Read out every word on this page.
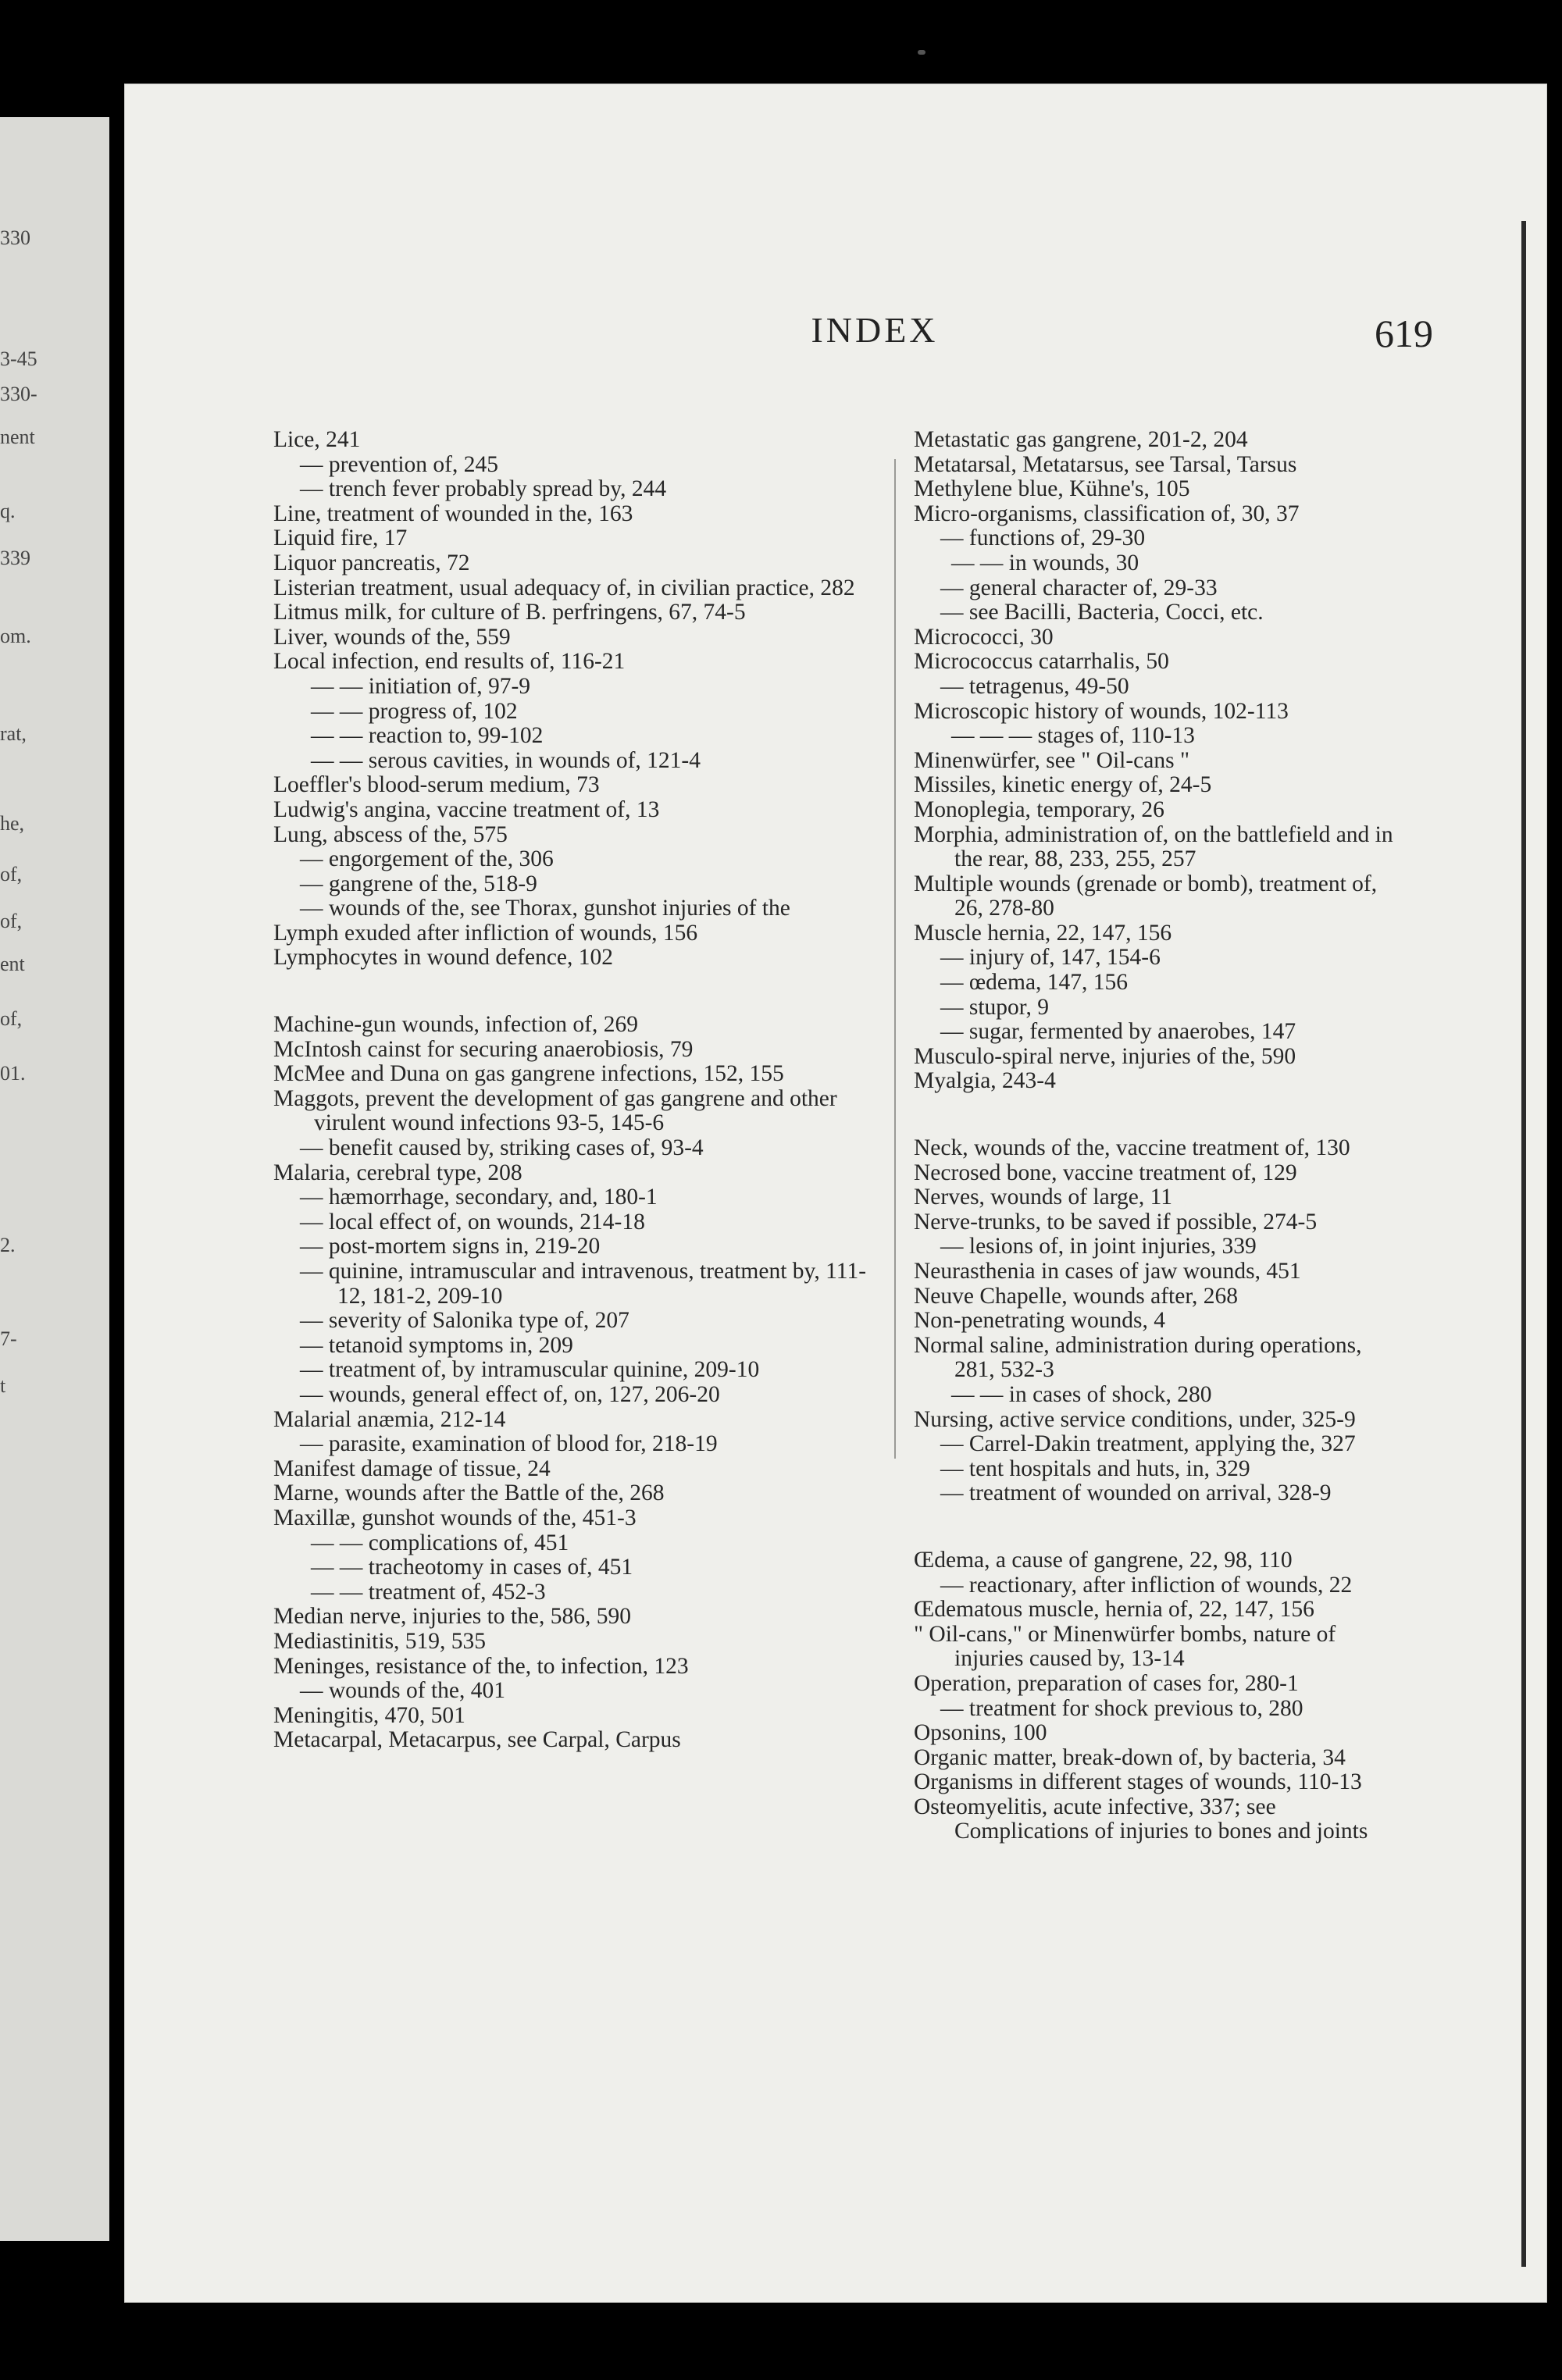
330
3-45
330-
nent
q.
339
om.
rat,
he,
of,
of,
ent
of,
01.
2.
7-
t
INDEX	619
Lice, 241
— prevention of, 245
— trench fever probably spread by, 244
Line, treatment of wounded in the, 163
Liquid fire, 17
Liquor pancreatis, 72
Listerian treatment, usual adequacy of, in civilian practice, 282
Litmus milk, for culture of B. perfringens, 67, 74-5
Liver, wounds of the, 559
Local infection, end results of, 116-21
— — initiation of, 97-9
— — progress of, 102
— — reaction to, 99-102
— — serous cavities, in wounds of, 121-4
Loeffler's blood-serum medium, 73
Ludwig's angina, vaccine treatment of, 13
Lung, abscess of the, 575
— engorgement of the, 306
— gangrene of the, 518-9
— wounds of the, see Thorax, gunshot injuries of the
Lymph exuded after infliction of wounds, 156
Lymphocytes in wound defence, 102
Machine-gun wounds, infection of, 269
McIntosh cainst for securing anaerobiosis, 79
McMee and Duna on gas gangrene infections, 152, 155
Maggots, prevent the development of gas gangrene and other virulent wound infections 93-5, 145-6
— benefit caused by, striking cases of, 93-4
Malaria, cerebral type, 208
— hæmorrhage, secondary, and, 180-1
— local effect of, on wounds, 214-18
— post-mortem signs in, 219-20
— quinine, intramuscular and intravenous, treatment by, 111-12, 181-2, 209-10
— severity of Salonika type of, 207
— tetanoid symptoms in, 209
— treatment of, by intramuscular quinine, 209-10
— wounds, general effect of, on, 127, 206-20
Malarial anæmia, 212-14
— parasite, examination of blood for, 218-19
Manifest damage of tissue, 24
Marne, wounds after the Battle of the, 268
Maxillæ, gunshot wounds of the, 451-3
— — complications of, 451
— — tracheotomy in cases of, 451
— — treatment of, 452-3
Median nerve, injuries to the, 586, 590
Mediastinitis, 519, 535
Meninges, resistance of the, to infection, 123
— wounds of the, 401
Meningitis, 470, 501
Metacarpal, Metacarpus, see Carpal, Carpus
Metastatic gas gangrene, 201-2, 204
Metatarsal, Metatarsus, see Tarsal, Tarsus
Methylene blue, Kühne's, 105
Micro-organisms, classification of, 30, 37
— functions of, 29-30
— — in wounds, 30
— general character of, 29-33
— see Bacilli, Bacteria, Cocci, etc.
Micrococci, 30
Micrococcus catarrhalis, 50
— tetragenus, 49-50
Microscopic history of wounds, 102-113
— — — stages of, 110-13
Minenwürfer, see " Oil-cans "
Missiles, kinetic energy of, 24-5
Monoplegia, temporary, 26
Morphia, administration of, on the battlefield and in the rear, 88, 233, 255, 257
Multiple wounds (grenade or bomb), treatment of, 26, 278-80
Muscle hernia, 22, 147, 156
— injury of, 147, 154-6
— œdema, 147, 156
— stupor, 9
— sugar, fermented by anaerobes, 147
Musculo-spiral nerve, injuries of the, 590
Myalgia, 243-4
Neck, wounds of the, vaccine treatment of, 130
Necrosed bone, vaccine treatment of, 129
Nerves, wounds of large, 11
Nerve-trunks, to be saved if possible, 274-5
— lesions of, in joint injuries, 339
Neurasthenia in cases of jaw wounds, 451
Neuve Chapelle, wounds after, 268
Non-penetrating wounds, 4
Normal saline, administration during operations, 281, 532-3
— — in cases of shock, 280
Nursing, active service conditions, under, 325-9
— Carrel-Dakin treatment, applying the, 327
— tent hospitals and huts, in, 329
— treatment of wounded on arrival, 328-9
Œdema, a cause of gangrene, 22, 98, 110
— reactionary, after infliction of wounds, 22
Œdematous muscle, hernia of, 22, 147, 156
" Oil-cans," or Minenwürfer bombs, nature of injuries caused by, 13-14
Operation, preparation of cases for, 280-1
— treatment for shock previous to, 280
Opsonins, 100
Organic matter, break-down of, by bacteria, 34
Organisms in different stages of wounds, 110-13
Osteomyelitis, acute infective, 337; see Complications of injuries to bones and joints
